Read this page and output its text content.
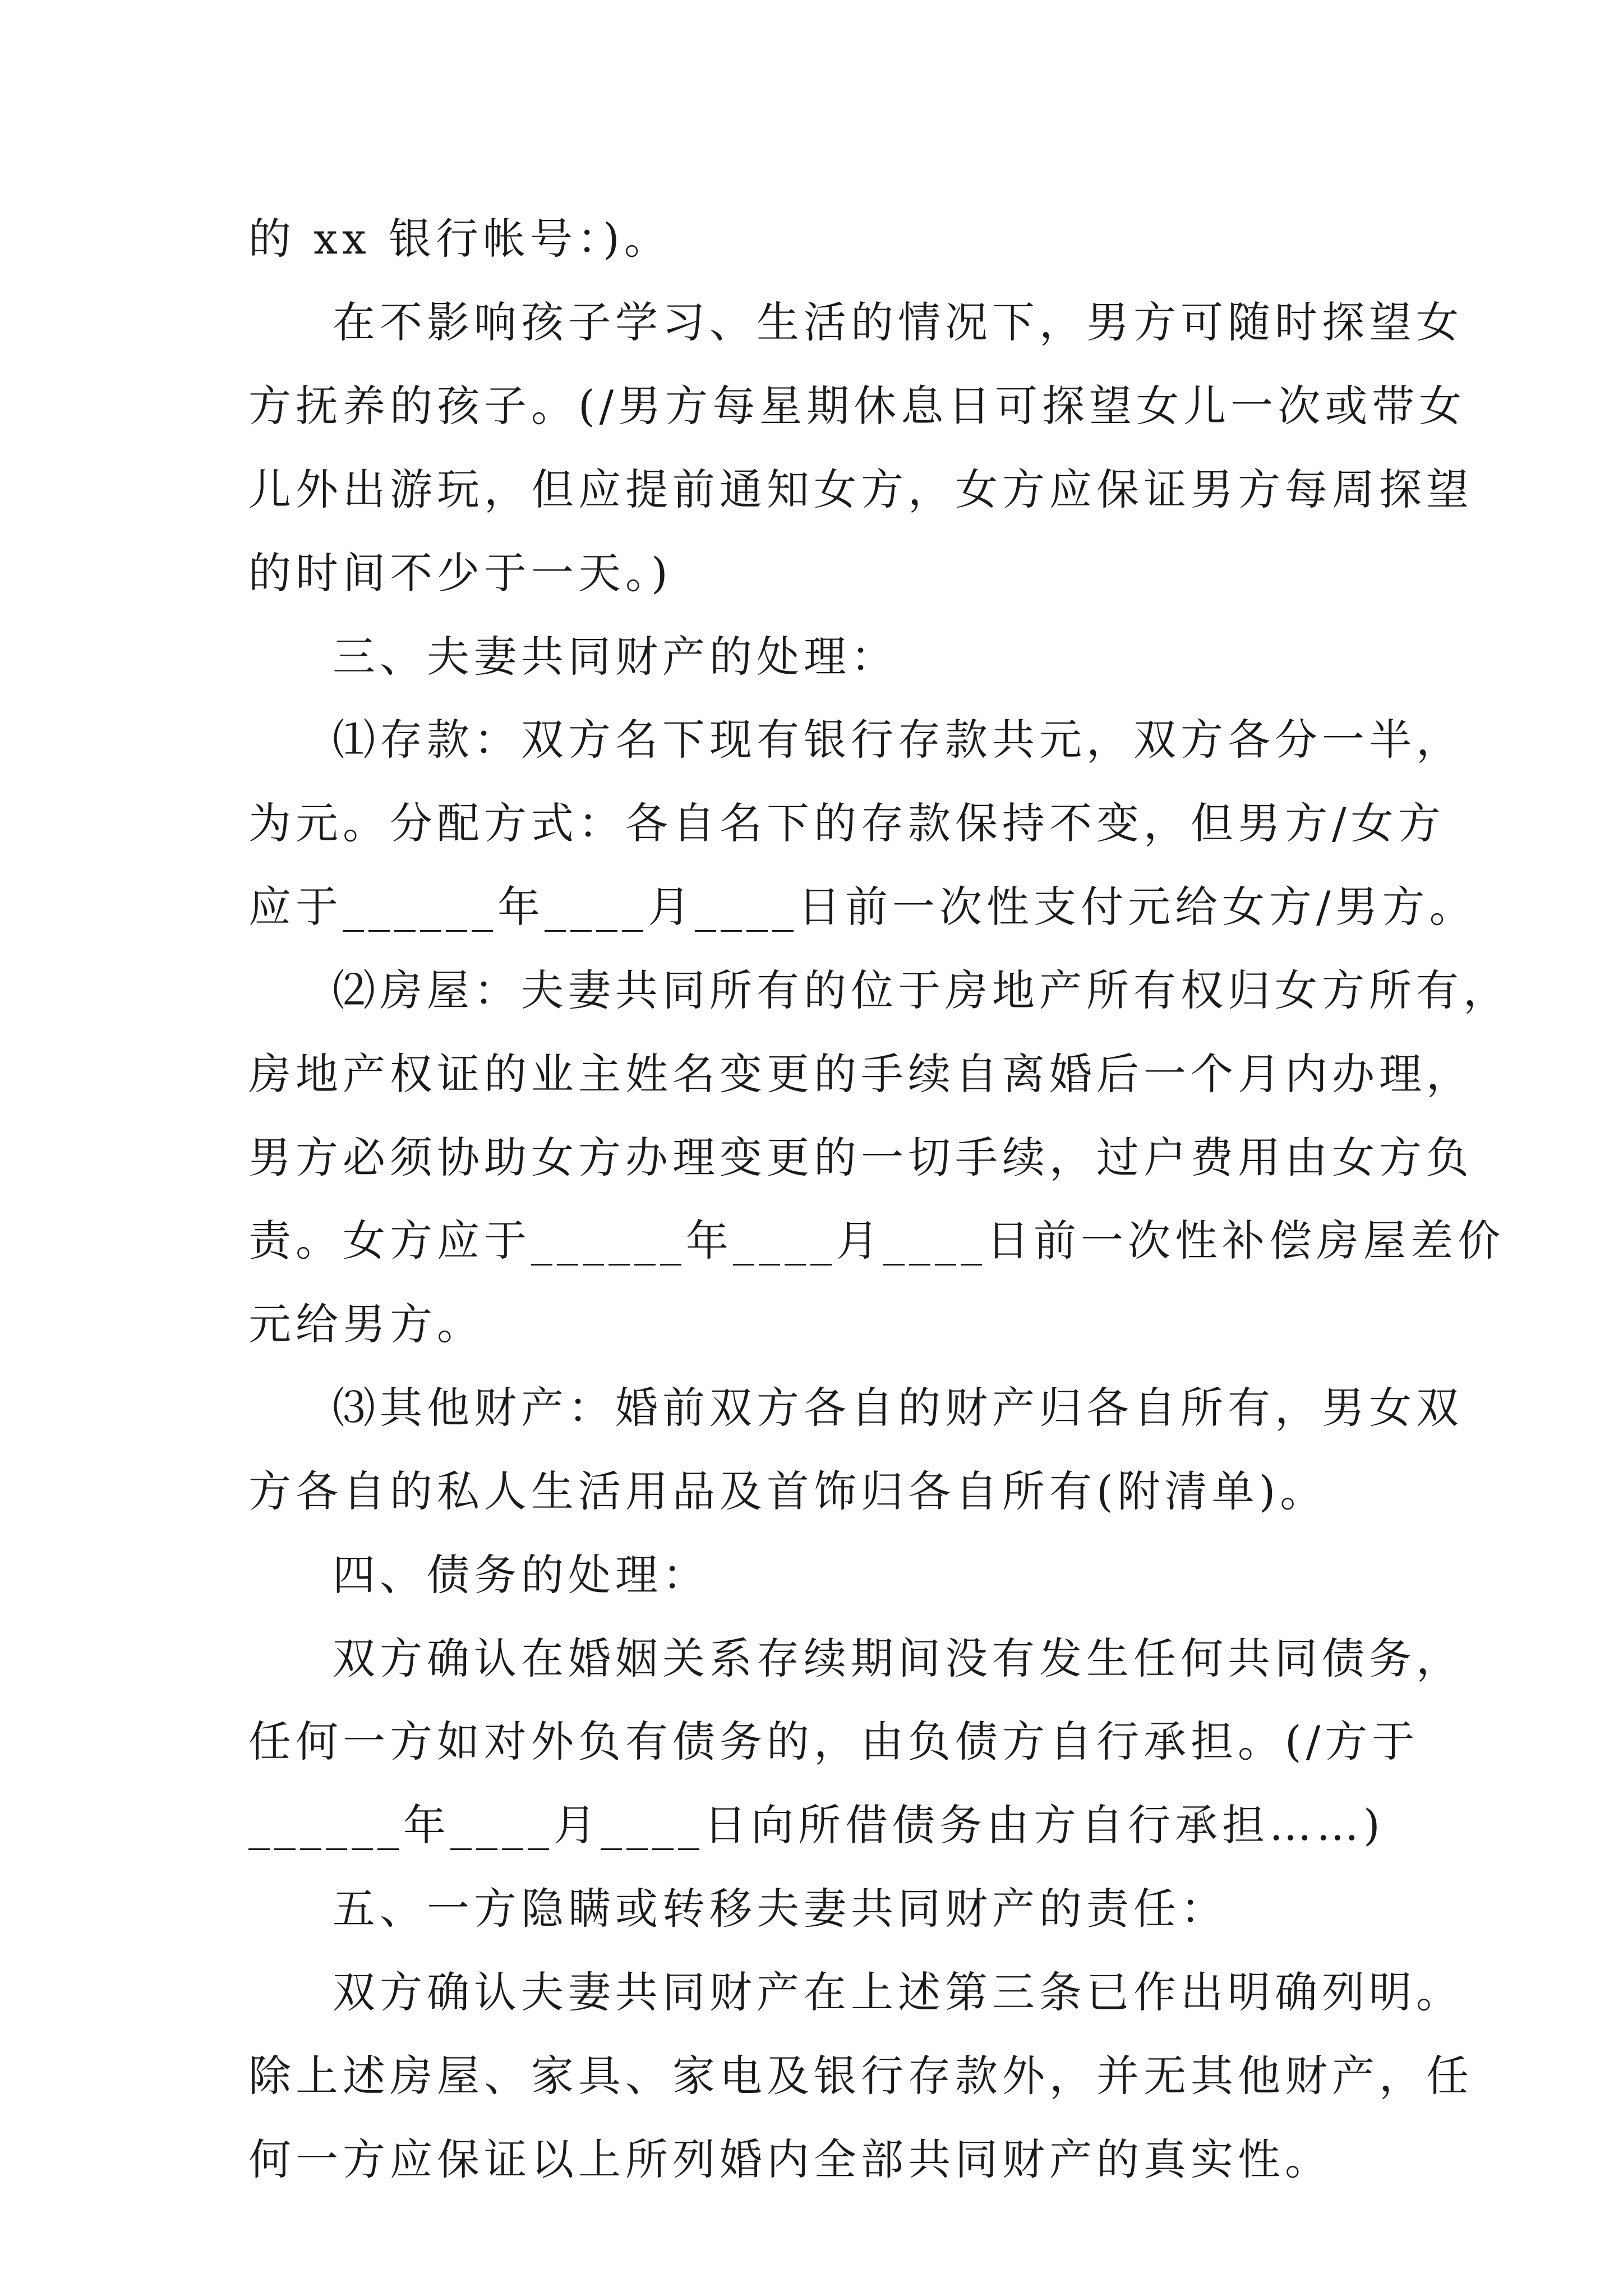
的 xx 银行帐号：)。
在不影响孩子学习、生活的情况下，男方可随时探望女
方抚养的孩子。(/男方每星期休息日可探望女儿一次或带女
儿外出游玩，但应提前通知女方，女方应保证男方每周探望
的时间不少于一天。)
三、夫妻共同财产的处理：
⑴存款：双方名下现有银行存款共元，双方各分一半，
为元。分配方式：各自名下的存款保持不变，但男方/女方
应于______年____月____日前一次性支付元给女方/男方。
⑵房屋：夫妻共同所有的位于房地产所有权归女方所有，
房地产权证的业主姓名变更的手续自离婚后一个月内办理，
男方必须协助女方办理变更的一切手续，过户费用由女方负
责。女方应于______年____月____日前一次性补偿房屋差价
元给男方。
⑶其他财产：婚前双方各自的财产归各自所有，男女双
方各自的私人生活用品及首饰归各自所有(附清单)。
四、债务的处理：
双方确认在婚姻关系存续期间没有发生任何共同债务，
任何一方如对外负有债务的，由负债方自行承担。(/方于
______年____月____日向所借债务由方自行承担……)
五、一方隐瞒或转移夫妻共同财产的责任：
双方确认夫妻共同财产在上述第三条已作出明确列明。
除上述房屋、家具、家电及银行存款外，并无其他财产，任
何一方应保证以上所列婚内全部共同财产的真实性。
